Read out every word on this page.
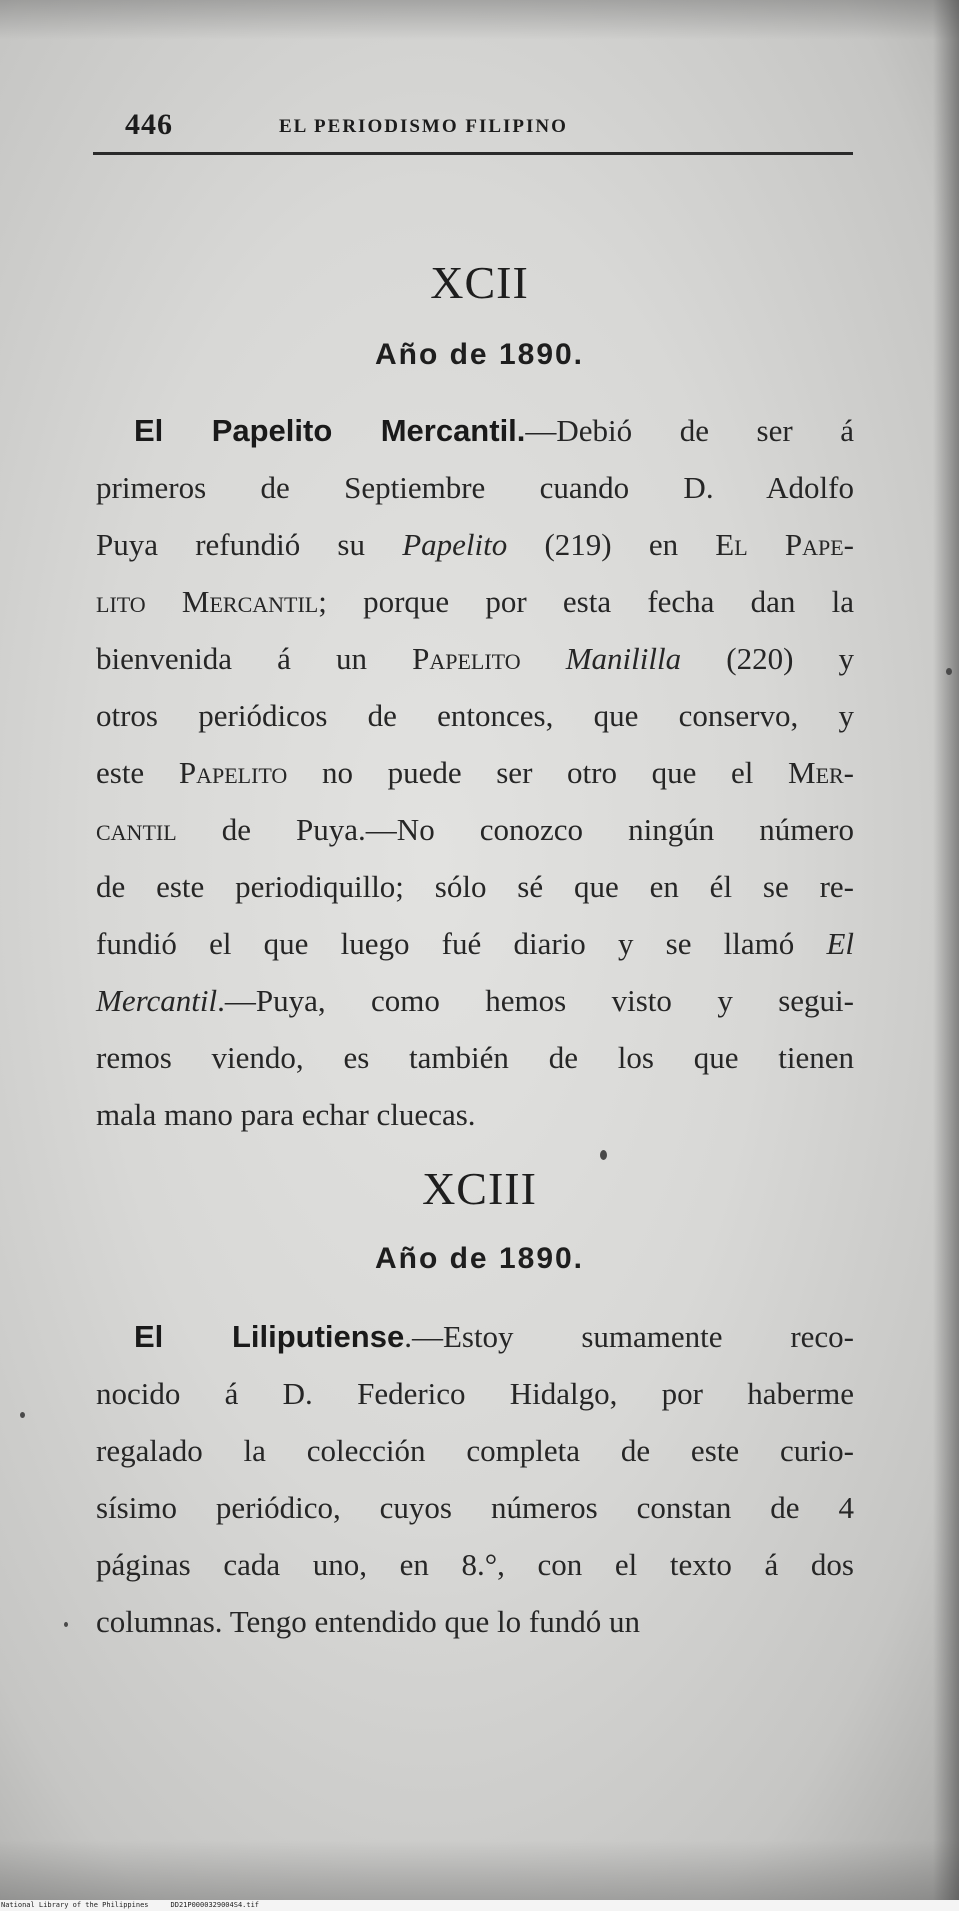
446	EL PERIODISMO FILIPINO
XCII
Año de 1890.
El Papelito Mercantil.—Debió de ser á
primeros de Septiembre cuando D. Adolfo
Puya refundió su Papelito (219) en El Pape-
lito Mercantil; porque por esta fecha dan la
bienvenida á un Papelito Manililla (220) y
otros periódicos de entonces, que conservo, y
este Papelito no puede ser otro que el Mer-
cantil de Puya.—No conozco ningún número
de este periodiquillo; sólo sé que en él se re-
fundió el que luego fué diario y se llamó El
Mercantil.—Puya, como hemos visto y segui-
remos viendo, es también de los que tienen
mala mano para echar cluecas.
XCIII
Año de 1890.
El Liliputiense.—Estoy sumamente reco-
nocido á D. Federico Hidalgo, por haberme
regalado la colección completa de este curio-
sísimo periódico, cuyos números constan de 4
páginas cada uno, en 8.°, con el texto á dos
columnas. Tengo entendido que lo fundó un
National Library of the Philippines	DD21P0000329004S4.tif
